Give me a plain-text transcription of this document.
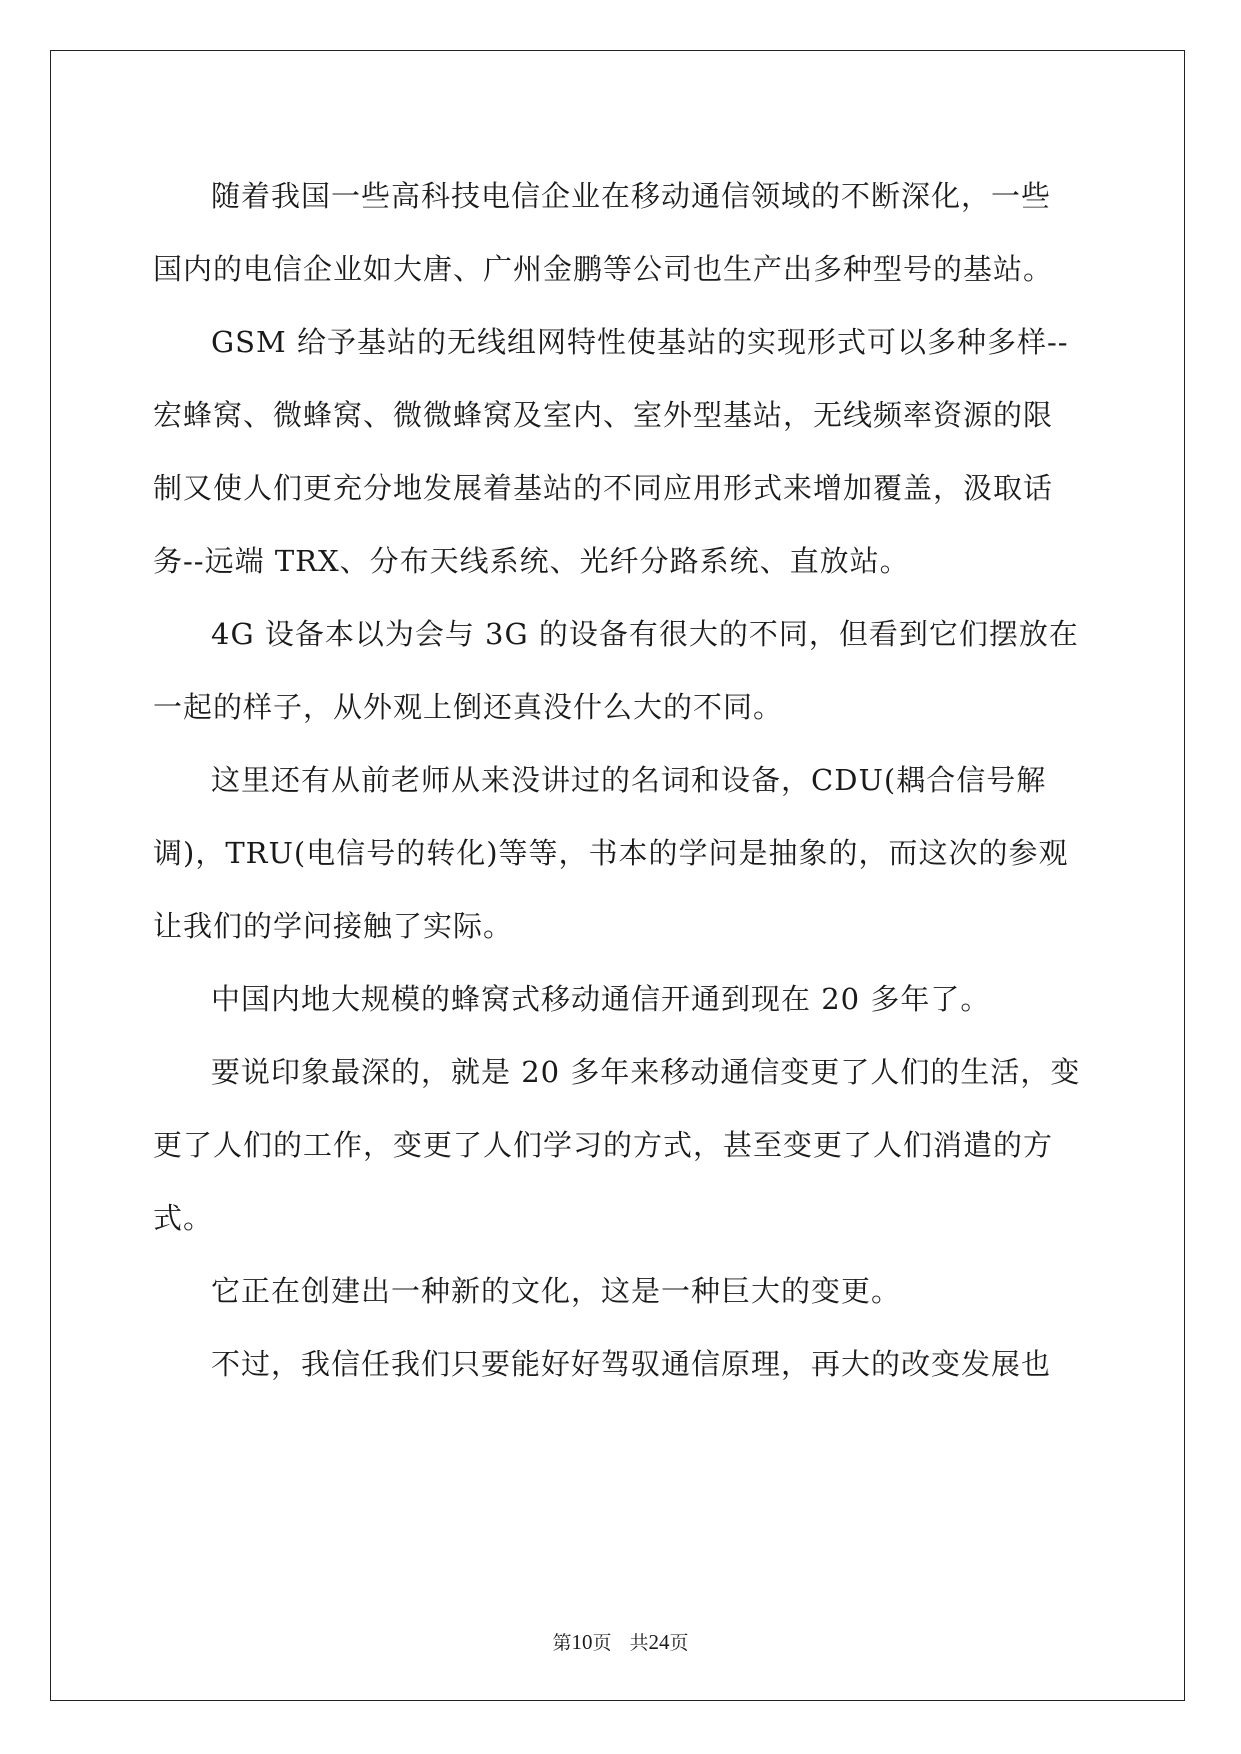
随着我国一些高科技电信企业在移动通信领域的不断深化，一些
国内的电信企业如大唐、广州金鹏等公司也生产出多种型号的基站。

GSM 给予基站的无线组网特性使基站的实现形式可以多种多样--
宏蜂窝、微蜂窝、微微蜂窝及室内、室外型基站，无线频率资源的限
制又使人们更充分地发展着基站的不同应用形式来增加覆盖，汲取话
务--远端 TRX、分布天线系统、光纤分路系统、直放站。

4G 设备本以为会与 3G 的设备有很大的不同，但看到它们摆放在
一起的样子，从外观上倒还真没什么大的不同。

这里还有从前老师从来没讲过的名词和设备，CDU(耦合信号解
调)，TRU(电信号的转化)等等，书本的学问是抽象的，而这次的参观
让我们的学问接触了实际。

中国内地大规模的蜂窝式移动通信开通到现在 20 多年了。

要说印象最深的，就是 20 多年来移动通信变更了人们的生活，变
更了人们的工作，变更了人们学习的方式，甚至变更了人们消遣的方
式。

它正在创建出一种新的文化，这是一种巨大的变更。

不过，我信任我们只要能好好驾驭通信原理，再大的改变发展也

第10页 共24页
